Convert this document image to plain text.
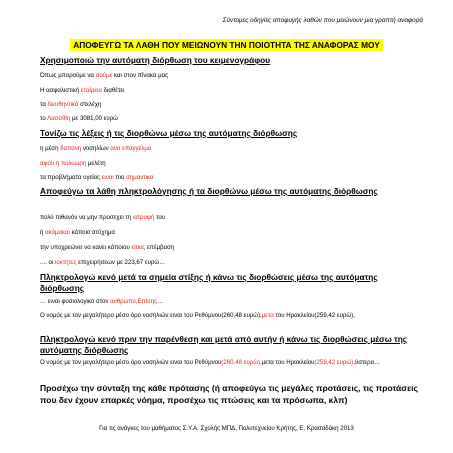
Σύντομες οδηγίες αποφυγής λαθών που μειώνουν μια γραπτή αναφορά
ΑΠΟΦΕΥΓΩ ΤΑ ΛΑΘΗ ΠΟΥ ΜΕΙΩΝΟΥΝ ΤΗΝ ΠΟΙΟΤΗΤΑ ΤΗΣ ΑΝΑΦΟΡΑΣ ΜΟΥ
Χρησιμοποιώ την αυτόματη διόρθωση του κειμενογράφου
Όπως μπορούμε να σούμε και στον πίνακα μας
Η ασφαλιστική εταίρεια διαθέτει
τα διευθηντικά στελέχη
το Λασσίθη με 3081,00 ευρώ
Τονίζω τις λέξεις ή τις διορθώνω μέσω της αυτόματης διόρθωσης
η μέση δαπανη νοσηλίων ανα επαγγελμα
αφου η πολυωρη μελέτη
τα προβλήματα υγείας ειναι πιο σημαντικα
Αποφεύγω τα λάθη πληκτρολόγησης ή τα διορθώνω μέσω της αυτόματης διόρθωσης
πολύ πιθανόν να μην προσεχει τη ιατροφή του
ή ακόμακαι κάποιο ατύχημα
την υποχρεώνει να κανει κάποιου είους επέμβαση
.... οι ιοκτήτες επιχειρήσεων με 223,67 ευρώ…
Πληκτρολογώ κενό μετά τα σημεία στίξης ή κάνω τις διορθώσεις μέσω της αυτόματης διόρθωσης
… ειναι φυσιολογικο στον ανθρωπο.Επίσης…
Ο νομός με τον μεγαλήτερο μέσο όρο νοσηλιών ειναι του Ρεθύμνου(260,48 ευρώ),μετα του Ηρακλείου(259,42 ευρώ),
Πληκτρολογώ κενό πριν την παρένθεση και μετά από αυτήν ή κάνω τις διορθώσεις μέσω της αυτόματης διόρθωσης
Ο νομός με τον μεγαλήτερο μέσο όρο νοσηλιών ειναι του Ρεθύμνου(260,48 ευρώ),μετα του Ηρακλείου(259,42 ευρώ),ύστερα…
Προσέχω την σύνταξη της κάθε πρότασης (ή αποφεύγω τις μεγάλες προτάσεις, τις προτάσεις που δεν έχουν επαρκές νόημα, προσέχω τις πτώσεις και τα πρόσωπα, κλπ)
Για τις ανάγκες του μαθήματος Σ.Υ.Α. Σχολής ΜΠΔ, Πολυτεχνείου Κρήτης, Ε. Κρασαδάκη 2013
